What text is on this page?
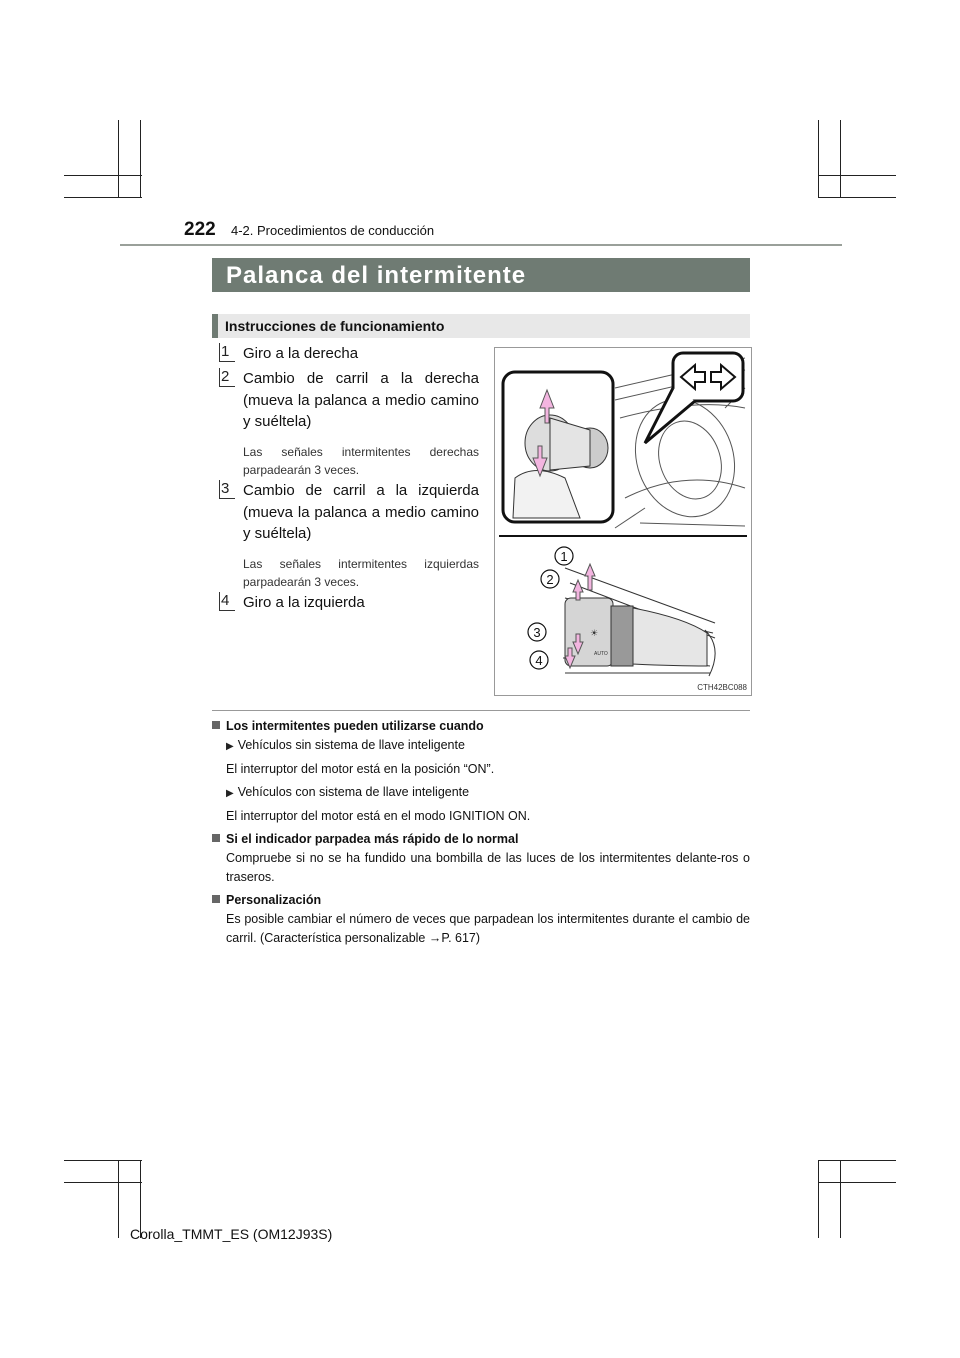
222 4-2. Procedimientos de conducción
Palanca del intermitente
Instrucciones de funcionamiento
1 Giro a la derecha
2 Cambio de carril a la derecha (mueva la palanca a medio camino y suéltela)
Las señales intermitentes derechas parpadearán 3 veces.
3 Cambio de carril a la izquierda (mueva la palanca a medio camino y suéltela)
Las señales intermitentes izquierdas parpadearán 3 veces.
4 Giro a la izquierda
☀
AUTO
1
2
3
4
CTH42BC088
Los intermitentes pueden utilizarse cuando
▶ Vehículos sin sistema de llave inteligente
El interruptor del motor está en la posición “ON”.
▶ Vehículos con sistema de llave inteligente
El interruptor del motor está en el modo IGNITION ON.
Si el indicador parpadea más rápido de lo normal
Compruebe si no se ha fundido una bombilla de las luces de los intermitentes delante-ros o traseros.
Personalización
Es posible cambiar el número de veces que parpadean los intermitentes durante el cambio de carril. (Característica personalizable →P. 617)
Corolla_TMMT_ES (OM12J93S)
